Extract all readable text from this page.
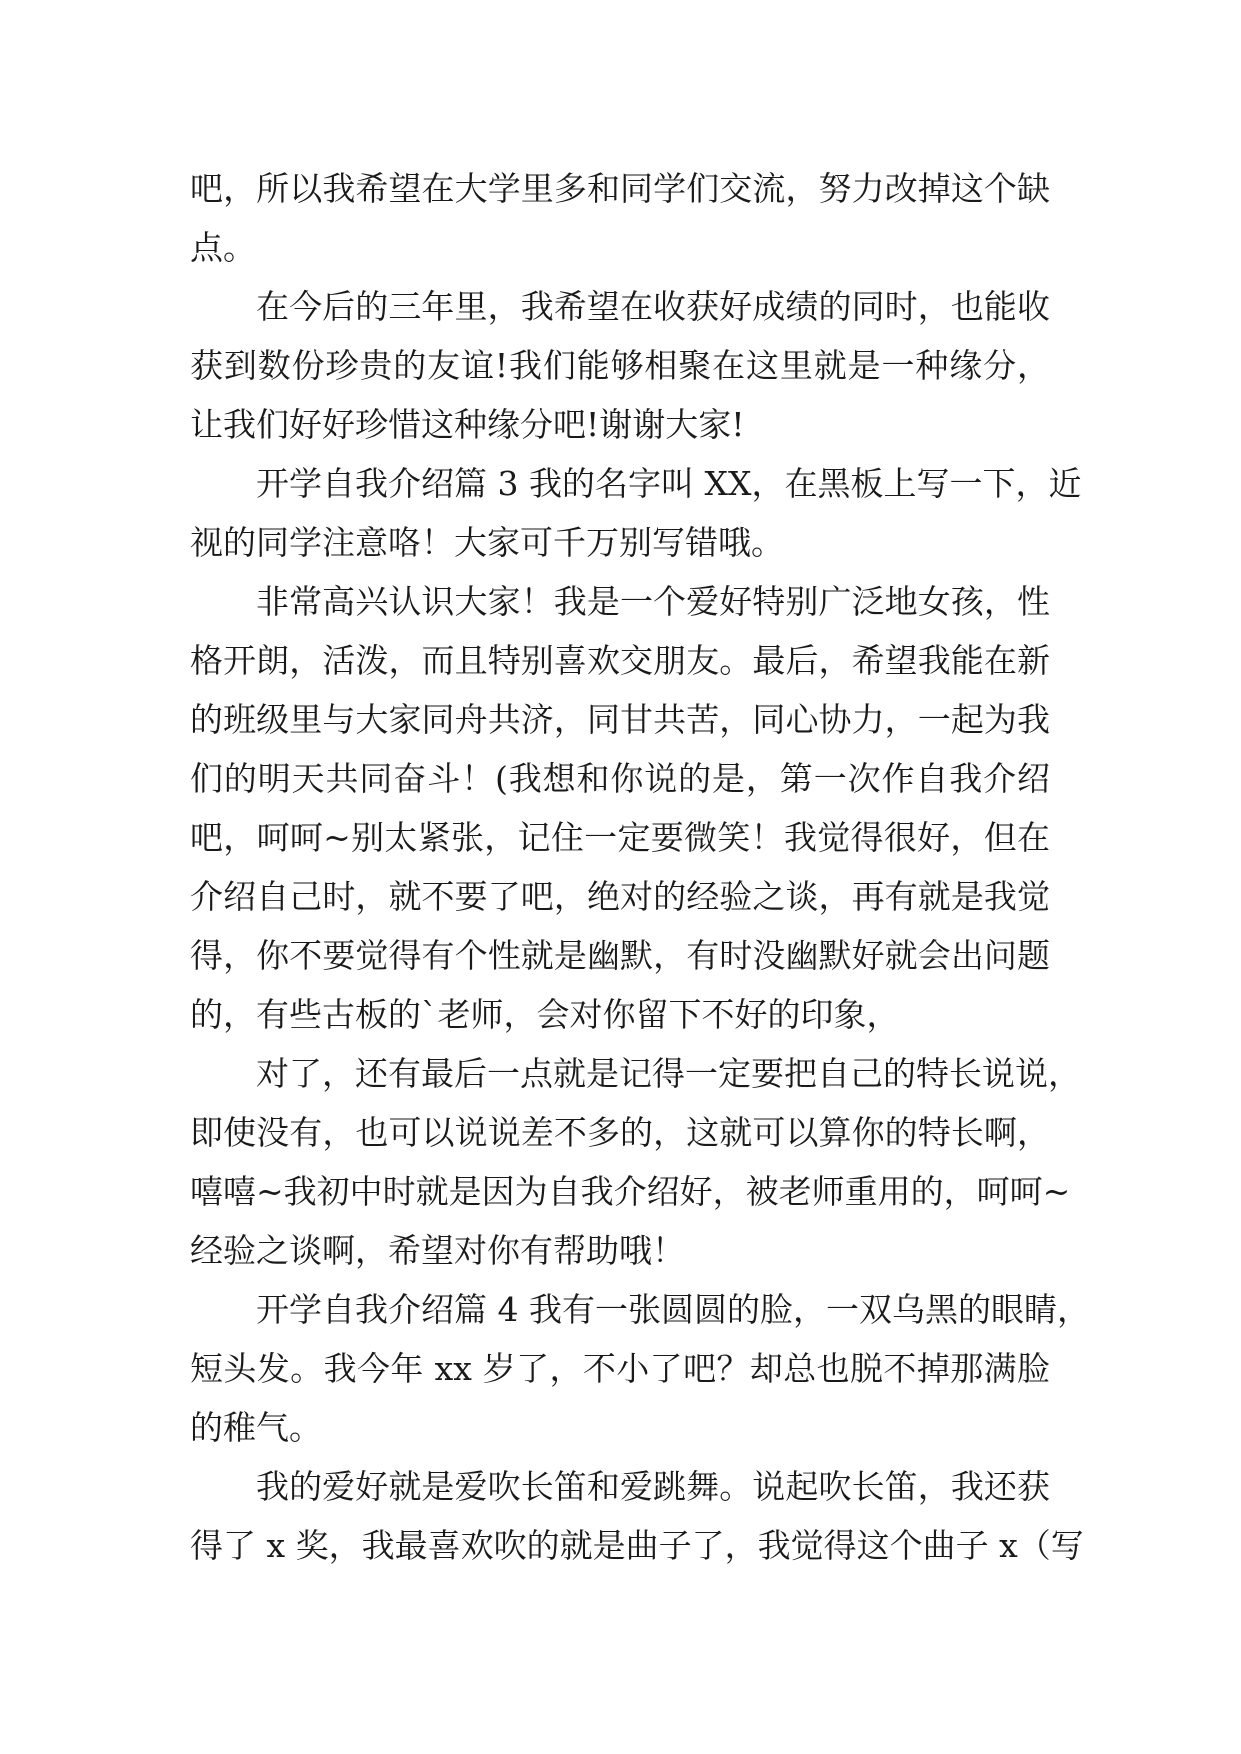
吧，所以我希望在大学里多和同学们交流，努力改掉这个缺
点。
在今后的三年里，我希望在收获好成绩的同时，也能收
获到数份珍贵的友谊!我们能够相聚在这里就是一种缘分，
让我们好好珍惜这种缘分吧!谢谢大家!
开学自我介绍篇 3 我的名字叫 XX，在黑板上写一下，近
视的同学注意咯！大家可千万别写错哦。
非常高兴认识大家！我是一个爱好特别广泛地女孩，性
格开朗，活泼，而且特别喜欢交朋友。最后，希望我能在新
的班级里与大家同舟共济，同甘共苦，同心协力，一起为我
们的明天共同奋斗！(我想和你说的是，第一次作自我介绍
吧，呵呵~别太紧张，记住一定要微笑！我觉得很好，但在
介绍自己时，就不要了吧，绝对的经验之谈，再有就是我觉
得，你不要觉得有个性就是幽默，有时没幽默好就会出问题
的，有些古板的`老师，会对你留下不好的印象，
对了，还有最后一点就是记得一定要把自己的特长说说，
即使没有，也可以说说差不多的，这就可以算你的特长啊，
嘻嘻~我初中时就是因为自我介绍好，被老师重用的，呵呵~
经验之谈啊，希望对你有帮助哦！
开学自我介绍篇 4 我有一张圆圆的脸，一双乌黑的眼睛，
短头发。我今年 xx 岁了，不小了吧？却总也脱不掉那满脸
的稚气。
我的爱好就是爱吹长笛和爱跳舞。说起吹长笛，我还获
得了 x 奖，我最喜欢吹的就是曲子了，我觉得这个曲子 x（写
